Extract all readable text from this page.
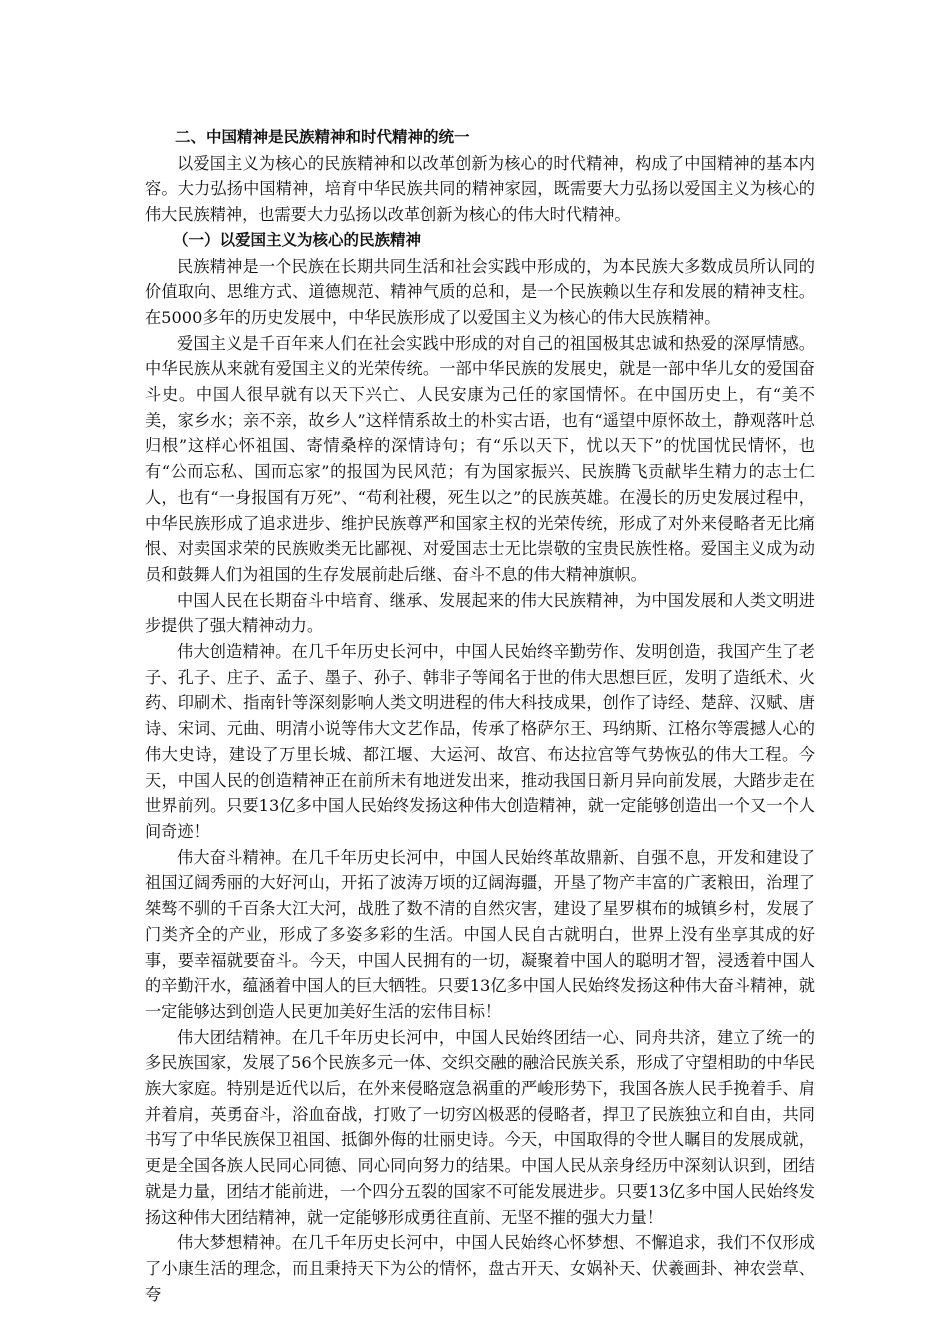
二、中国精神是民族精神和时代精神的统一

以爱国主义为核心的民族精神和以改革创新为核心的时代精神，构成了中国精神的基本内容。大力弘扬中国精神，培育中华民族共同的精神家园，既需要大力弘扬以爱国主义为核心的伟大民族精神，也需要大力弘扬以改革创新为核心的伟大时代精神。

（一）以爱国主义为核心的民族精神

民族精神是一个民族在长期共同生活和社会实践中形成的，为本民族大多数成员所认同的价值取向、思维方式、道德规范、精神气质的总和，是一个民族赖以生存和发展的精神支柱。在5000多年的历史发展中，中华民族形成了以爱国主义为核心的伟大民族精神。

爱国主义是千百年来人们在社会实践中形成的对自己的祖国极其忠诚和热爱的深厚情感。中华民族从来就有爱国主义的光荣传统。一部中华民族的发展史，就是一部中华儿女的爱国奋斗史。中国人很早就有以天下兴亡、人民安康为己任的家国情怀。在中国历史上，有“美不美，家乡水；亲不亲，故乡人”这样情系故土的朴实古语，也有“遥望中原怀故土，静观落叶总归根”这样心怀祖国、寄情桑梓的深情诗句；有“乐以天下，忧以天下”的忧国忧民情怀，也有“公而忘私、国而忘家”的报国为民风范；有为国家振兴、民族腾飞贡献毕生精力的志士仁人，也有“一身报国有万死”、“苟利社稷，死生以之”的民族英雄。在漫长的历史发展过程中，中华民族形成了追求进步、维护民族尊严和国家主权的光荣传统，形成了对外来侵略者无比痛恨、对卖国求荣的民族败类无比鄙视、对爱国志士无比崇敬的宝贵民族性格。爱国主义成为动员和鼓舞人们为祖国的生存发展前赴后继、奋斗不息的伟大精神旗帜。

中国人民在长期奋斗中培育、继承、发展起来的伟大民族精神，为中国发展和人类文明进步提供了强大精神动力。

伟大创造精神。在几千年历史长河中，中国人民始终辛勤劳作、发明创造，我国产生了老子、孔子、庄子、孟子、墨子、孙子、韩非子等闻名于世的伟大思想巨匠，发明了造纸术、火药、印刷术、指南针等深刻影响人类文明进程的伟大科技成果，创作了诗经、楚辞、汉赋、唐诗、宋词、元曲、明清小说等伟大文艺作品，传承了格萨尔王、玛纳斯、江格尔等震撼人心的伟大史诗，建设了万里长城、都江堰、大运河、故宫、布达拉宫等气势恢弘的伟大工程。今天，中国人民的创造精神正在前所未有地迸发出来，推动我国日新月异向前发展，大踏步走在世界前列。只要13亿多中国人民始终发扬这种伟大创造精神，就一定能够创造出一个又一个人间奇迹！

伟大奋斗精神。在几千年历史长河中，中国人民始终革故鼎新、自强不息，开发和建设了祖国辽阔秀丽的大好河山，开拓了波涛万顷的辽阔海疆，开垦了物产丰富的广袤粮田，治理了桀骜不驯的千百条大江大河，战胜了数不清的自然灾害，建设了星罗棋布的城镇乡村，发展了门类齐全的产业，形成了多姿多彩的生活。中国人民自古就明白，世界上没有坐享其成的好事，要幸福就要奋斗。今天，中国人民拥有的一切，凝聚着中国人的聪明才智，浸透着中国人的辛勤汗水，蕴涵着中国人的巨大牺牲。只要13亿多中国人民始终发扬这种伟大奋斗精神，就一定能够达到创造人民更加美好生活的宏伟目标！

伟大团结精神。在几千年历史长河中，中国人民始终团结一心、同舟共济，建立了统一的多民族国家，发展了56个民族多元一体、交织交融的融洽民族关系，形成了守望相助的中华民族大家庭。特别是近代以后，在外来侵略寇急祸重的严峻形势下，我国各族人民手挽着手、肩并着肩，英勇奋斗，浴血奋战，打败了一切穷凶极恶的侵略者，捍卫了民族独立和自由，共同书写了中华民族保卫祖国、抵御外侮的壮丽史诗。今天，中国取得的令世人瞩目的发展成就，更是全国各族人民同心同德、同心同向努力的结果。中国人民从亲身经历中深刻认识到，团结就是力量，团结才能前进，一个四分五裂的国家不可能发展进步。只要13亿多中国人民始终发扬这种伟大团结精神，就一定能够形成勇往直前、无坚不摧的强大力量！

伟大梦想精神。在几千年历史长河中，中国人民始终心怀梦想、不懈追求，我们不仅形成了小康生活的理念，而且秉持天下为公的情怀，盘古开天、女娲补天、伏羲画卦、神农尝草、夸
